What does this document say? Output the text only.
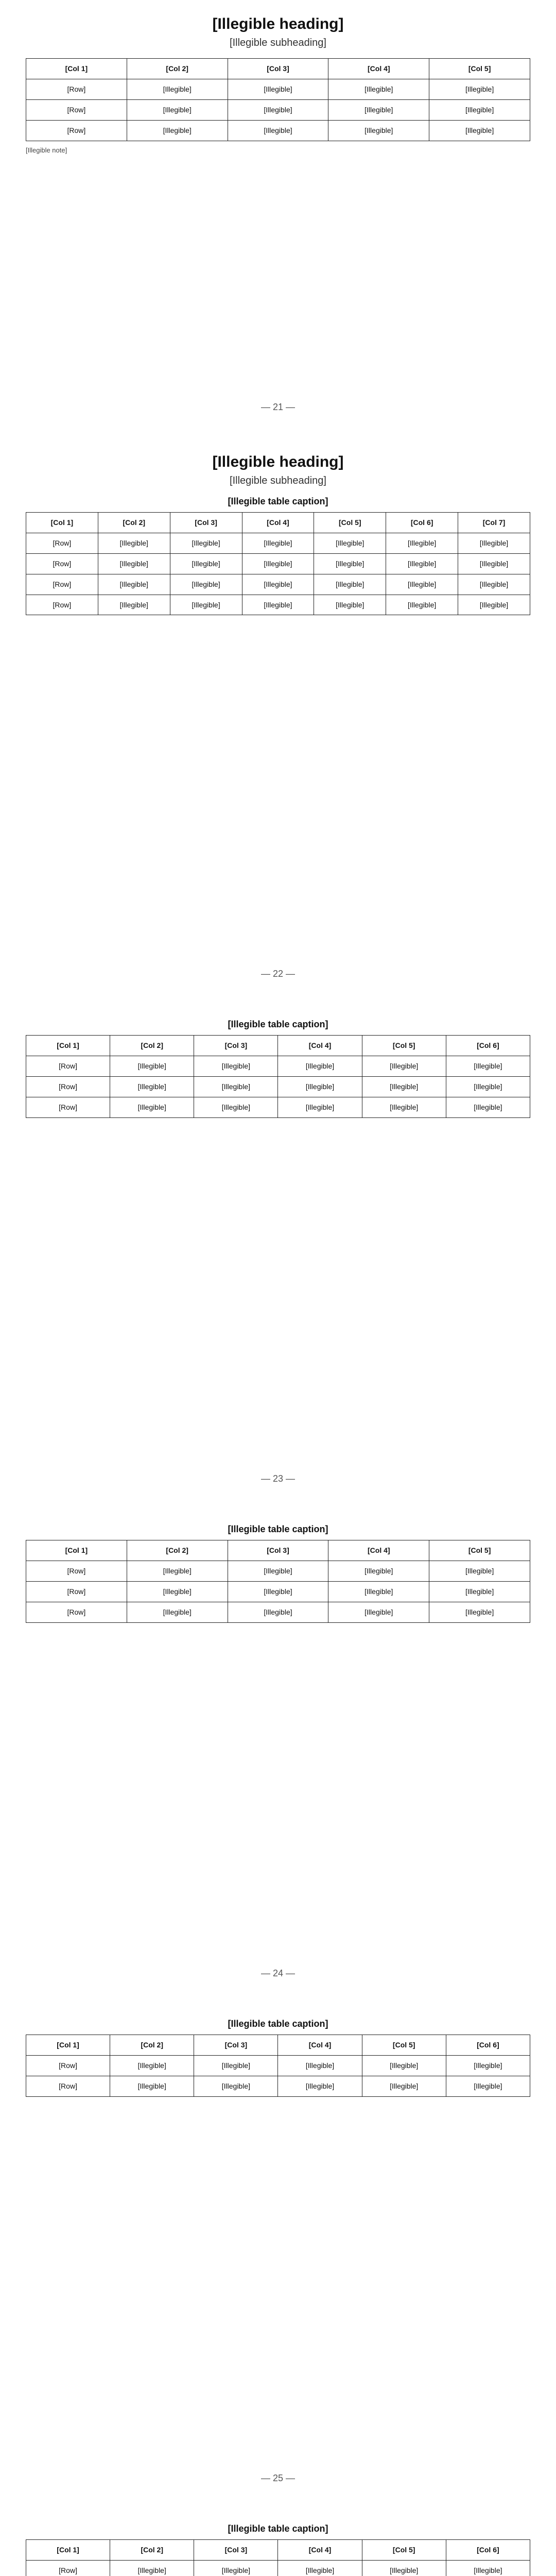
[Illegible heading]
[Illegible subheading]
[Col 1]	[Col 2]	[Col 3]	[Col 4]	[Col 5]
[Row]	[Illegible]	[Illegible]	[Illegible]	[Illegible]
[Row]	[Illegible]	[Illegible]	[Illegible]	[Illegible]
[Row]	[Illegible]	[Illegible]	[Illegible]	[Illegible]
[Illegible note]
— 21 —
[Illegible heading]
[Illegible subheading]
[Illegible table caption]
[Col 1]	[Col 2]	[Col 3]	[Col 4]	[Col 5]	[Col 6]	[Col 7]
[Row]	[Illegible]	[Illegible]	[Illegible]	[Illegible]	[Illegible]	[Illegible]
[Row]	[Illegible]	[Illegible]	[Illegible]	[Illegible]	[Illegible]	[Illegible]
[Row]	[Illegible]	[Illegible]	[Illegible]	[Illegible]	[Illegible]	[Illegible]
[Row]	[Illegible]	[Illegible]	[Illegible]	[Illegible]	[Illegible]	[Illegible]
— 22 —
[Illegible table caption]
[Col 1]	[Col 2]	[Col 3]	[Col 4]	[Col 5]	[Col 6]
[Row]	[Illegible]	[Illegible]	[Illegible]	[Illegible]	[Illegible]
[Row]	[Illegible]	[Illegible]	[Illegible]	[Illegible]	[Illegible]
[Row]	[Illegible]	[Illegible]	[Illegible]	[Illegible]	[Illegible]
— 23 —
[Illegible table caption]
[Col 1]	[Col 2]	[Col 3]	[Col 4]	[Col 5]
[Row]	[Illegible]	[Illegible]	[Illegible]	[Illegible]
[Row]	[Illegible]	[Illegible]	[Illegible]	[Illegible]
[Row]	[Illegible]	[Illegible]	[Illegible]	[Illegible]
— 24 —
[Illegible table caption]
[Col 1]	[Col 2]	[Col 3]	[Col 4]	[Col 5]	[Col 6]
[Row]	[Illegible]	[Illegible]	[Illegible]	[Illegible]	[Illegible]
[Row]	[Illegible]	[Illegible]	[Illegible]	[Illegible]	[Illegible]
— 25 —
[Illegible table caption]
[Col 1]	[Col 2]	[Col 3]	[Col 4]	[Col 5]	[Col 6]
[Row]	[Illegible]	[Illegible]	[Illegible]	[Illegible]	[Illegible]
